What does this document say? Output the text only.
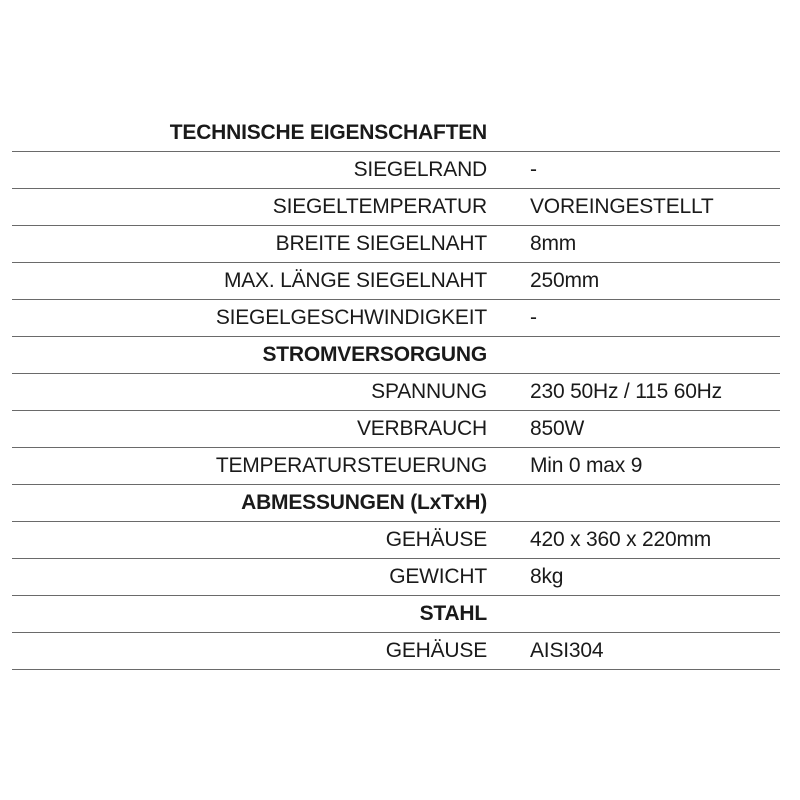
TECHNISCHE EIGENSCHAFTEN
SIEGELRAND -
SIEGELTEMPERATUR VOREINGESTELLT
BREITE SIEGELNAHT 8mm
MAX. LÄNGE SIEGELNAHT 250mm
SIEGELGESCHWINDIGKEIT -
STROMVERSORGUNG
SPANNUNG 230 50Hz / 115 60Hz
VERBRAUCH 850W
TEMPERATURSTEUERUNG Min 0 max 9
ABMESSUNGEN (LxTxH)
GEHÄUSE 420 x 360 x 220mm
GEWICHT 8kg
STAHL
GEHÄUSE AISI304
